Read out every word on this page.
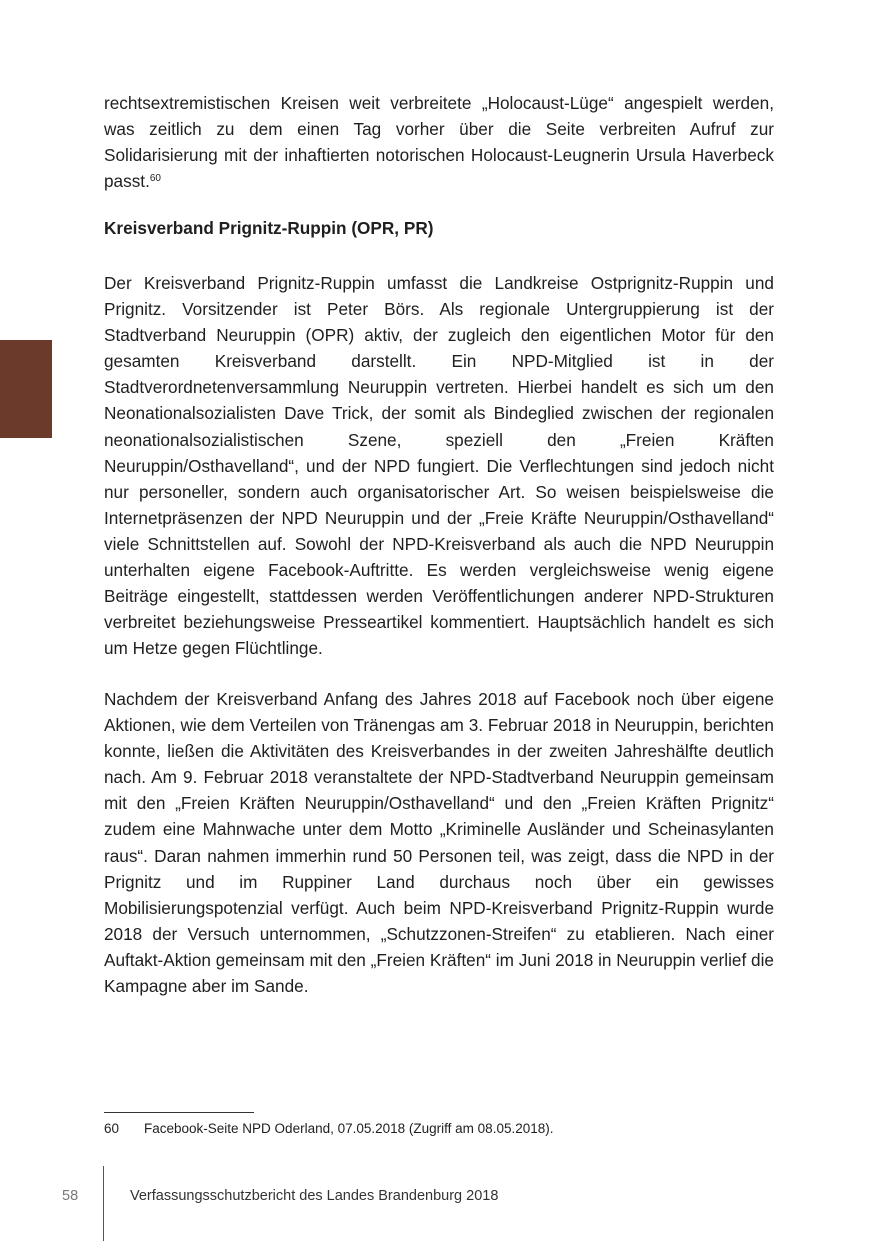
rechtsextremistischen Kreisen weit verbreitete „Holocaust-Lüge“ angespielt werden, was zeitlich zu dem einen Tag vorher über die Seite verbreiten Aufruf zur Solidarisierung mit der inhaftierten notorischen Holocaust-Leugnerin Ursula Haverbeck passt.$^{60}$

Kreisverband Prignitz-Ruppin (OPR, PR)

Der Kreisverband Prignitz-Ruppin umfasst die Landkreise Ostprignitz-Ruppin und Prignitz. Vorsitzender ist Peter Börs. Als regionale Untergruppierung ist der Stadtverband Neuruppin (OPR) aktiv, der zugleich den eigentlichen Motor für den gesamten Kreisverband darstellt. Ein NPD-Mitglied ist in der Stadtverordnetenversammlung Neuruppin vertreten. Hierbei handelt es sich um den Neonationalsozialisten Dave Trick, der somit als Bindeglied zwischen der regionalen neonationalsozialistischen Szene, speziell den „Freien Kräften Neuruppin/Osthavelland“, und der NPD fungiert. Die Verflechtungen sind jedoch nicht nur personeller, sondern auch organisatorischer Art. So weisen beispielsweise die Internetpräsenzen der NPD Neuruppin und der „Freie Kräfte Neuruppin/Osthavelland“ viele Schnittstellen auf. Sowohl der NPD-Kreisverband als auch die NPD Neuruppin unterhalten eigene Facebook-Auftritte. Es werden vergleichsweise wenig eigene Beiträge eingestellt, stattdessen werden Veröffentlichungen anderer NPD-Strukturen verbreitet beziehungsweise Presseartikel kommentiert. Hauptsächlich handelt es sich um Hetze gegen Flüchtlinge.

Nachdem der Kreisverband Anfang des Jahres 2018 auf Facebook noch über eigene Aktionen, wie dem Verteilen von Tränengas am 3. Februar 2018 in Neuruppin, berichten konnte, ließen die Aktivitäten des Kreisverbandes in der zweiten Jahreshälfte deutlich nach. Am 9. Februar 2018 veranstaltete der NPD-Stadtverband Neuruppin gemeinsam mit den „Freien Kräften Neuruppin/Osthavelland“ und den „Freien Kräften Prignitz“ zudem eine Mahnwache unter dem Motto „Kriminelle Ausländer und Scheinasylanten raus“. Daran nahmen immerhin rund 50 Personen teil, was zeigt, dass die NPD in der Prignitz und im Ruppiner Land durchaus noch über ein gewisses Mobilisierungspotenzial verfügt. Auch beim NPD-Kreisverband Prignitz-Ruppin wurde 2018 der Versuch unternommen, „Schutzzonen-Streifen“ zu etablieren. Nach einer Auftakt-Aktion gemeinsam mit den „Freien Kräften“ im Juni 2018 in Neuruppin verlief die Kampagne aber im Sande.

60 Facebook-Seite NPD Oderland, 07.05.2018 (Zugriff am 08.05.2018).
58	Verfassungsschutzbericht des Landes Brandenburg 2018
